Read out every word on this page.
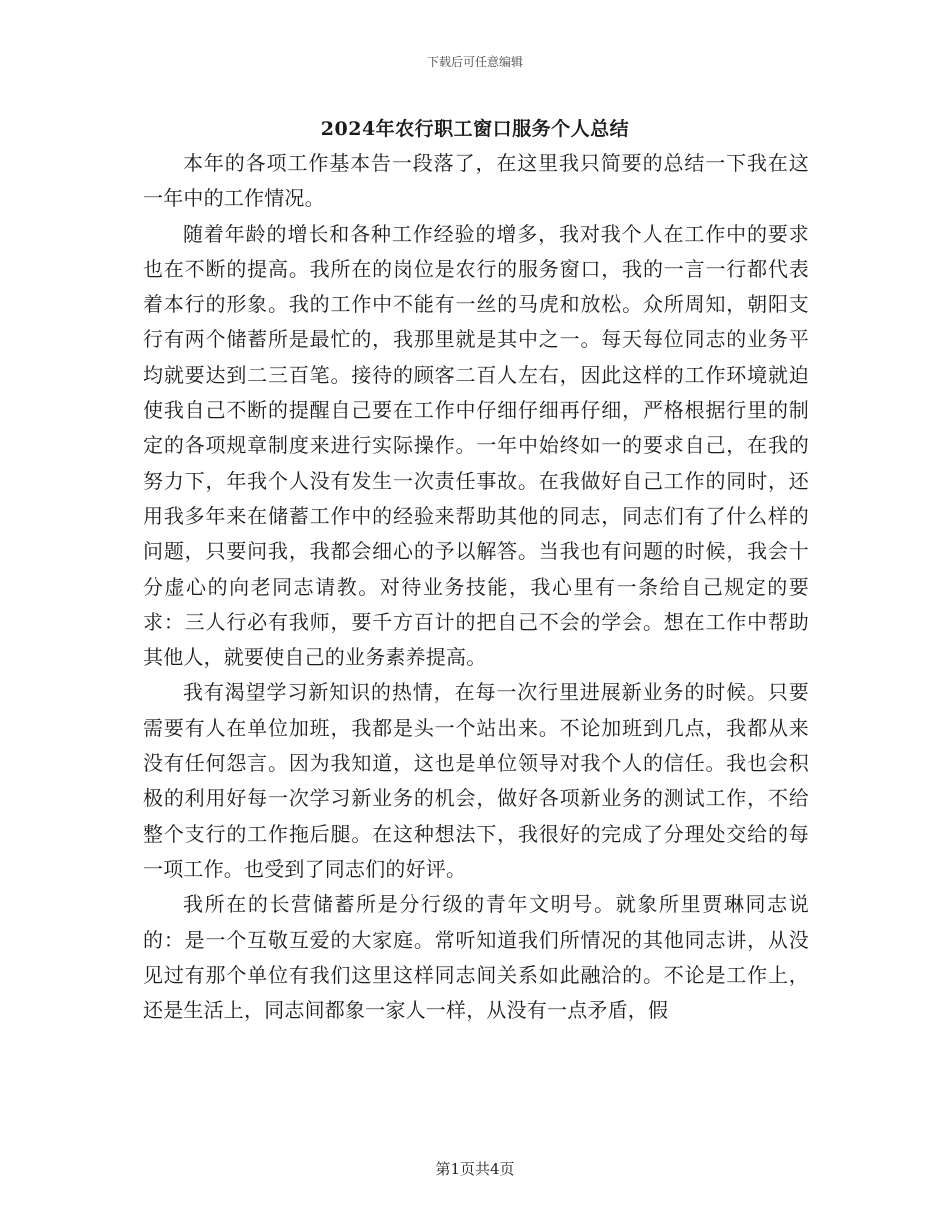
下载后可任意编辑
2024年农行职工窗口服务个人总结

本年的各项工作基本告一段落了，在这里我只简要的总结一下我在这一年中的工作情况。

随着年龄的增长和各种工作经验的增多，我对我个人在工作中的要求也在不断的提高。我所在的岗位是农行的服务窗口，我的一言一行都代表着本行的形象。我的工作中不能有一丝的马虎和放松。众所周知，朝阳支行有两个储蓄所是最忙的，我那里就是其中之一。每天每位同志的业务平均就要达到二三百笔。接待的顾客二百人左右，因此这样的工作环境就迫使我自己不断的提醒自己要在工作中仔细仔细再仔细，严格根据行里的制定的各项规章制度来进行实际操作。一年中始终如一的要求自己，在我的努力下，年我个人没有发生一次责任事故。在我做好自己工作的同时，还用我多年来在储蓄工作中的经验来帮助其他的同志，同志们有了什么样的问题，只要问我，我都会细心的予以解答。当我也有问题的时候，我会十分虚心的向老同志请教。对待业务技能，我心里有一条给自己规定的要求：三人行必有我师，要千方百计的把自己不会的学会。想在工作中帮助其他人，就要使自己的业务素养提高。

我有渴望学习新知识的热情，在每一次行里进展新业务的时候。只要需要有人在单位加班，我都是头一个站出来。不论加班到几点，我都从来没有任何怨言。因为我知道，这也是单位领导对我个人的信任。我也会积极的利用好每一次学习新业务的机会，做好各项新业务的测试工作，不给整个支行的工作拖后腿。在这种想法下，我很好的完成了分理处交给的每一项工作。也受到了同志们的好评。

我所在的长营储蓄所是分行级的青年文明号。就象所里贾琳同志说的：是一个互敬互爱的大家庭。常听知道我们所情况的其他同志讲，从没见过有那个单位有我们这里这样同志间关系如此融洽的。不论是工作上，还是生活上，同志间都象一家人一样，从没有一点矛盾，假

第1页共4页
